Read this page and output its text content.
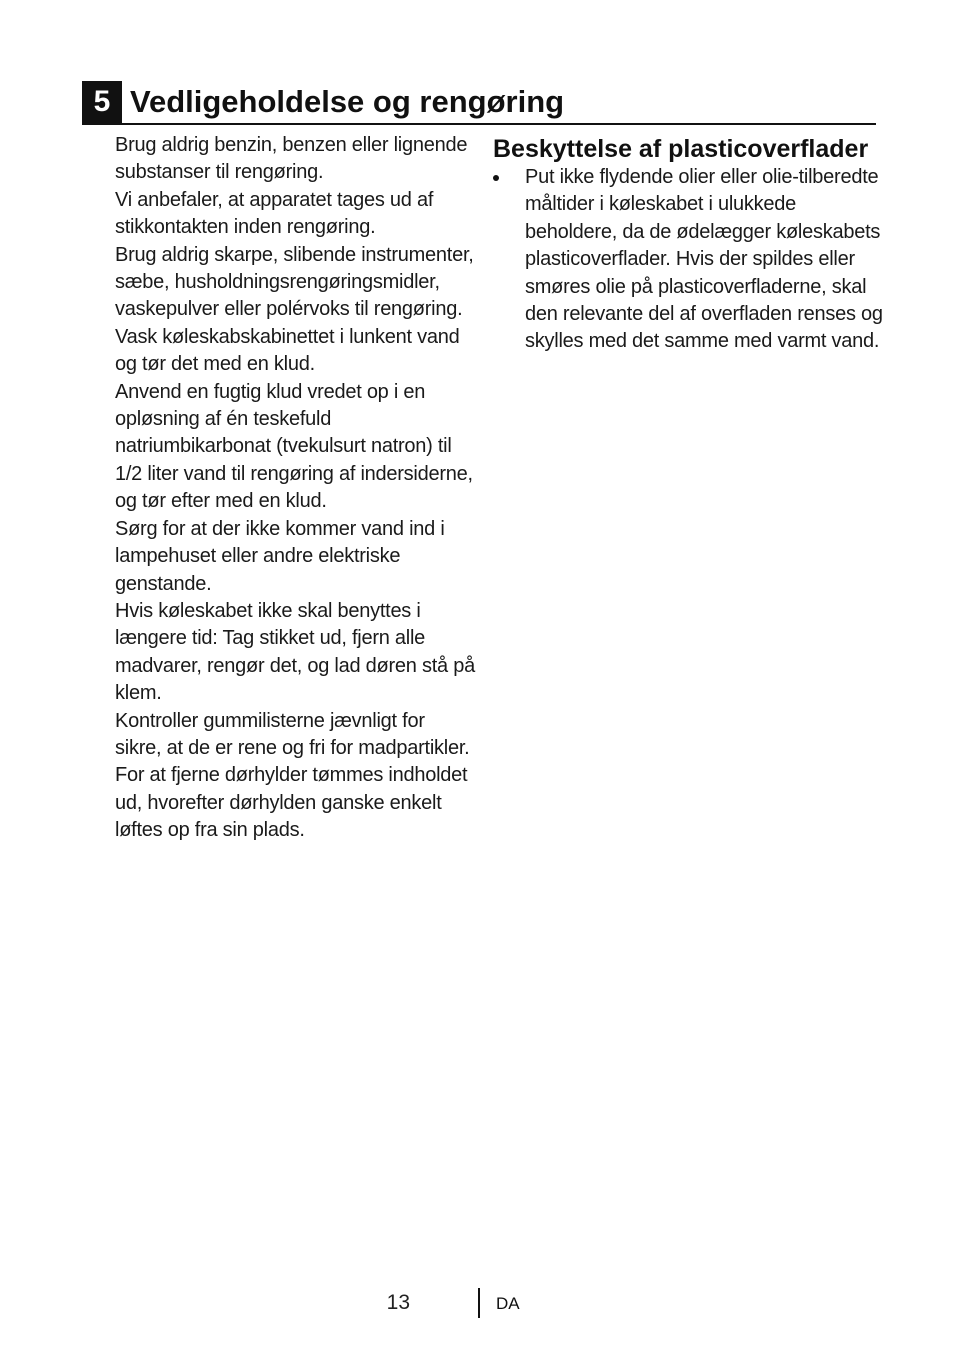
5 Vedligeholdelse og rengøring

Brug aldrig benzin, benzen eller lignende substanser til rengøring.

Vi anbefaler, at apparatet tages ud af stikkontakten inden rengøring.

Brug aldrig skarpe, slibende instrumenter, sæbe, husholdningsrengøringsmidler, vaskepulver eller polérvoks til rengøring.

Vask køleskabskabinettet i lunkent vand og tør det med en klud.

Anvend en fugtig klud vredet op i en opløsning af én teskefuld natriumbikarbonat (tvekulsurt natron) til 1/2 liter vand til rengøring af indersiderne, og tør efter med en klud.

Sørg for at der ikke kommer vand ind i lampehuset eller andre elektriske genstande.

Hvis køleskabet ikke skal benyttes i længere tid: Tag stikket ud, fjern alle madvarer, rengør det, og lad døren stå på klem.

Kontroller gummilisterne jævnligt for sikre, at de er rene og fri for madpartikler.

For at fjerne dørhylder tømmes indholdet ud, hvorefter dørhylden ganske enkelt løftes op fra sin plads.

Beskyttelse af plasticoverflader
Put ikke flydende olier eller olie-tilberedte måltider i køleskabet i ulukkede beholdere, da de ødelægger køleskabets plasticoverflader. Hvis der spildes eller smøres olie på plasticoverfladerne, skal den relevante del af overfladen renses og skylles med det samme med varmt vand.
13	DA
